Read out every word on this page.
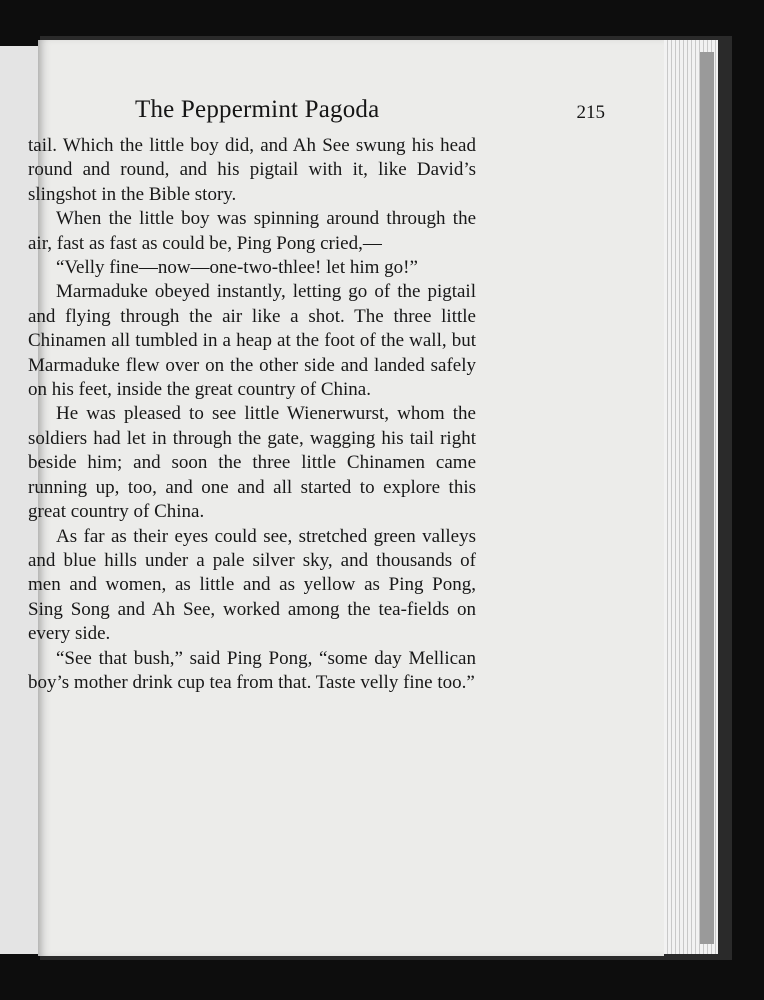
The Peppermint Pagoda	215

tail. Which the little boy did, and Ah See swung his head round and round, and his pigtail with it, like David’s slingshot in the Bible story.

When the little boy was spinning around through the air, fast as fast as could be, Ping Pong cried,—

“Velly fine—now—one-two-thlee! let him go!”

Marmaduke obeyed instantly, letting go of the pigtail and flying through the air like a shot. The three little Chinamen all tumbled in a heap at the foot of the wall, but Marmaduke flew over on the other side and landed safely on his feet, inside the great country of China.

He was pleased to see little Wienerwurst, whom the soldiers had let in through the gate, wagging his tail right beside him; and soon the three little Chinamen came running up, too, and one and all started to explore this great country of China.

As far as their eyes could see, stretched green valleys and blue hills under a pale silver sky, and thousands of men and women, as little and as yellow as Ping Pong, Sing Song and Ah See, worked among the tea-fields on every side.

“See that bush,” said Ping Pong, “some day Mellican boy’s mother drink cup tea from that. Taste velly fine too.”
